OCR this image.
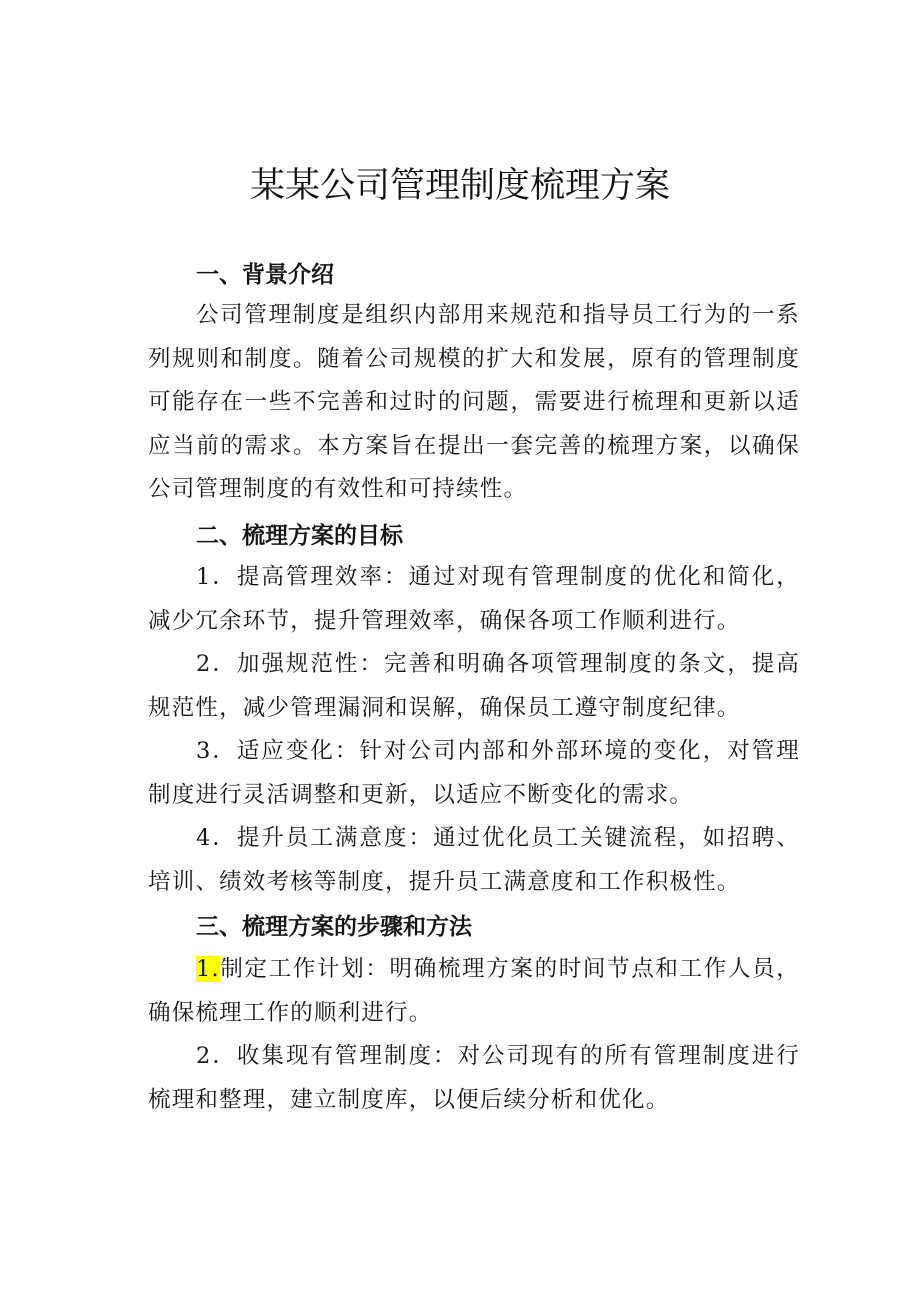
某某公司管理制度梳理方案
一、背景介绍

公司管理制度是组织内部用来规范和指导员工行为的一系列规则和制度。随着公司规模的扩大和发展，原有的管理制度可能存在一些不完善和过时的问题，需要进行梳理和更新以适应当前的需求。本方案旨在提出一套完善的梳理方案，以确保公司管理制度的有效性和可持续性。

二、梳理方案的目标

1．提高管理效率：通过对现有管理制度的优化和简化，减少冗余环节，提升管理效率，确保各项工作顺利进行。

2．加强规范性：完善和明确各项管理制度的条文，提高规范性，减少管理漏洞和误解，确保员工遵守制度纪律。

3．适应变化：针对公司内部和外部环境的变化，对管理制度进行灵活调整和更新，以适应不断变化的需求。

4．提升员工满意度：通过优化员工关键流程，如招聘、培训、绩效考核等制度，提升员工满意度和工作积极性。

三、梳理方案的步骤和方法

1.制定工作计划：明确梳理方案的时间节点和工作人员，确保梳理工作的顺利进行。

2．收集现有管理制度：对公司现有的所有管理制度进行梳理和整理，建立制度库，以便后续分析和优化。
